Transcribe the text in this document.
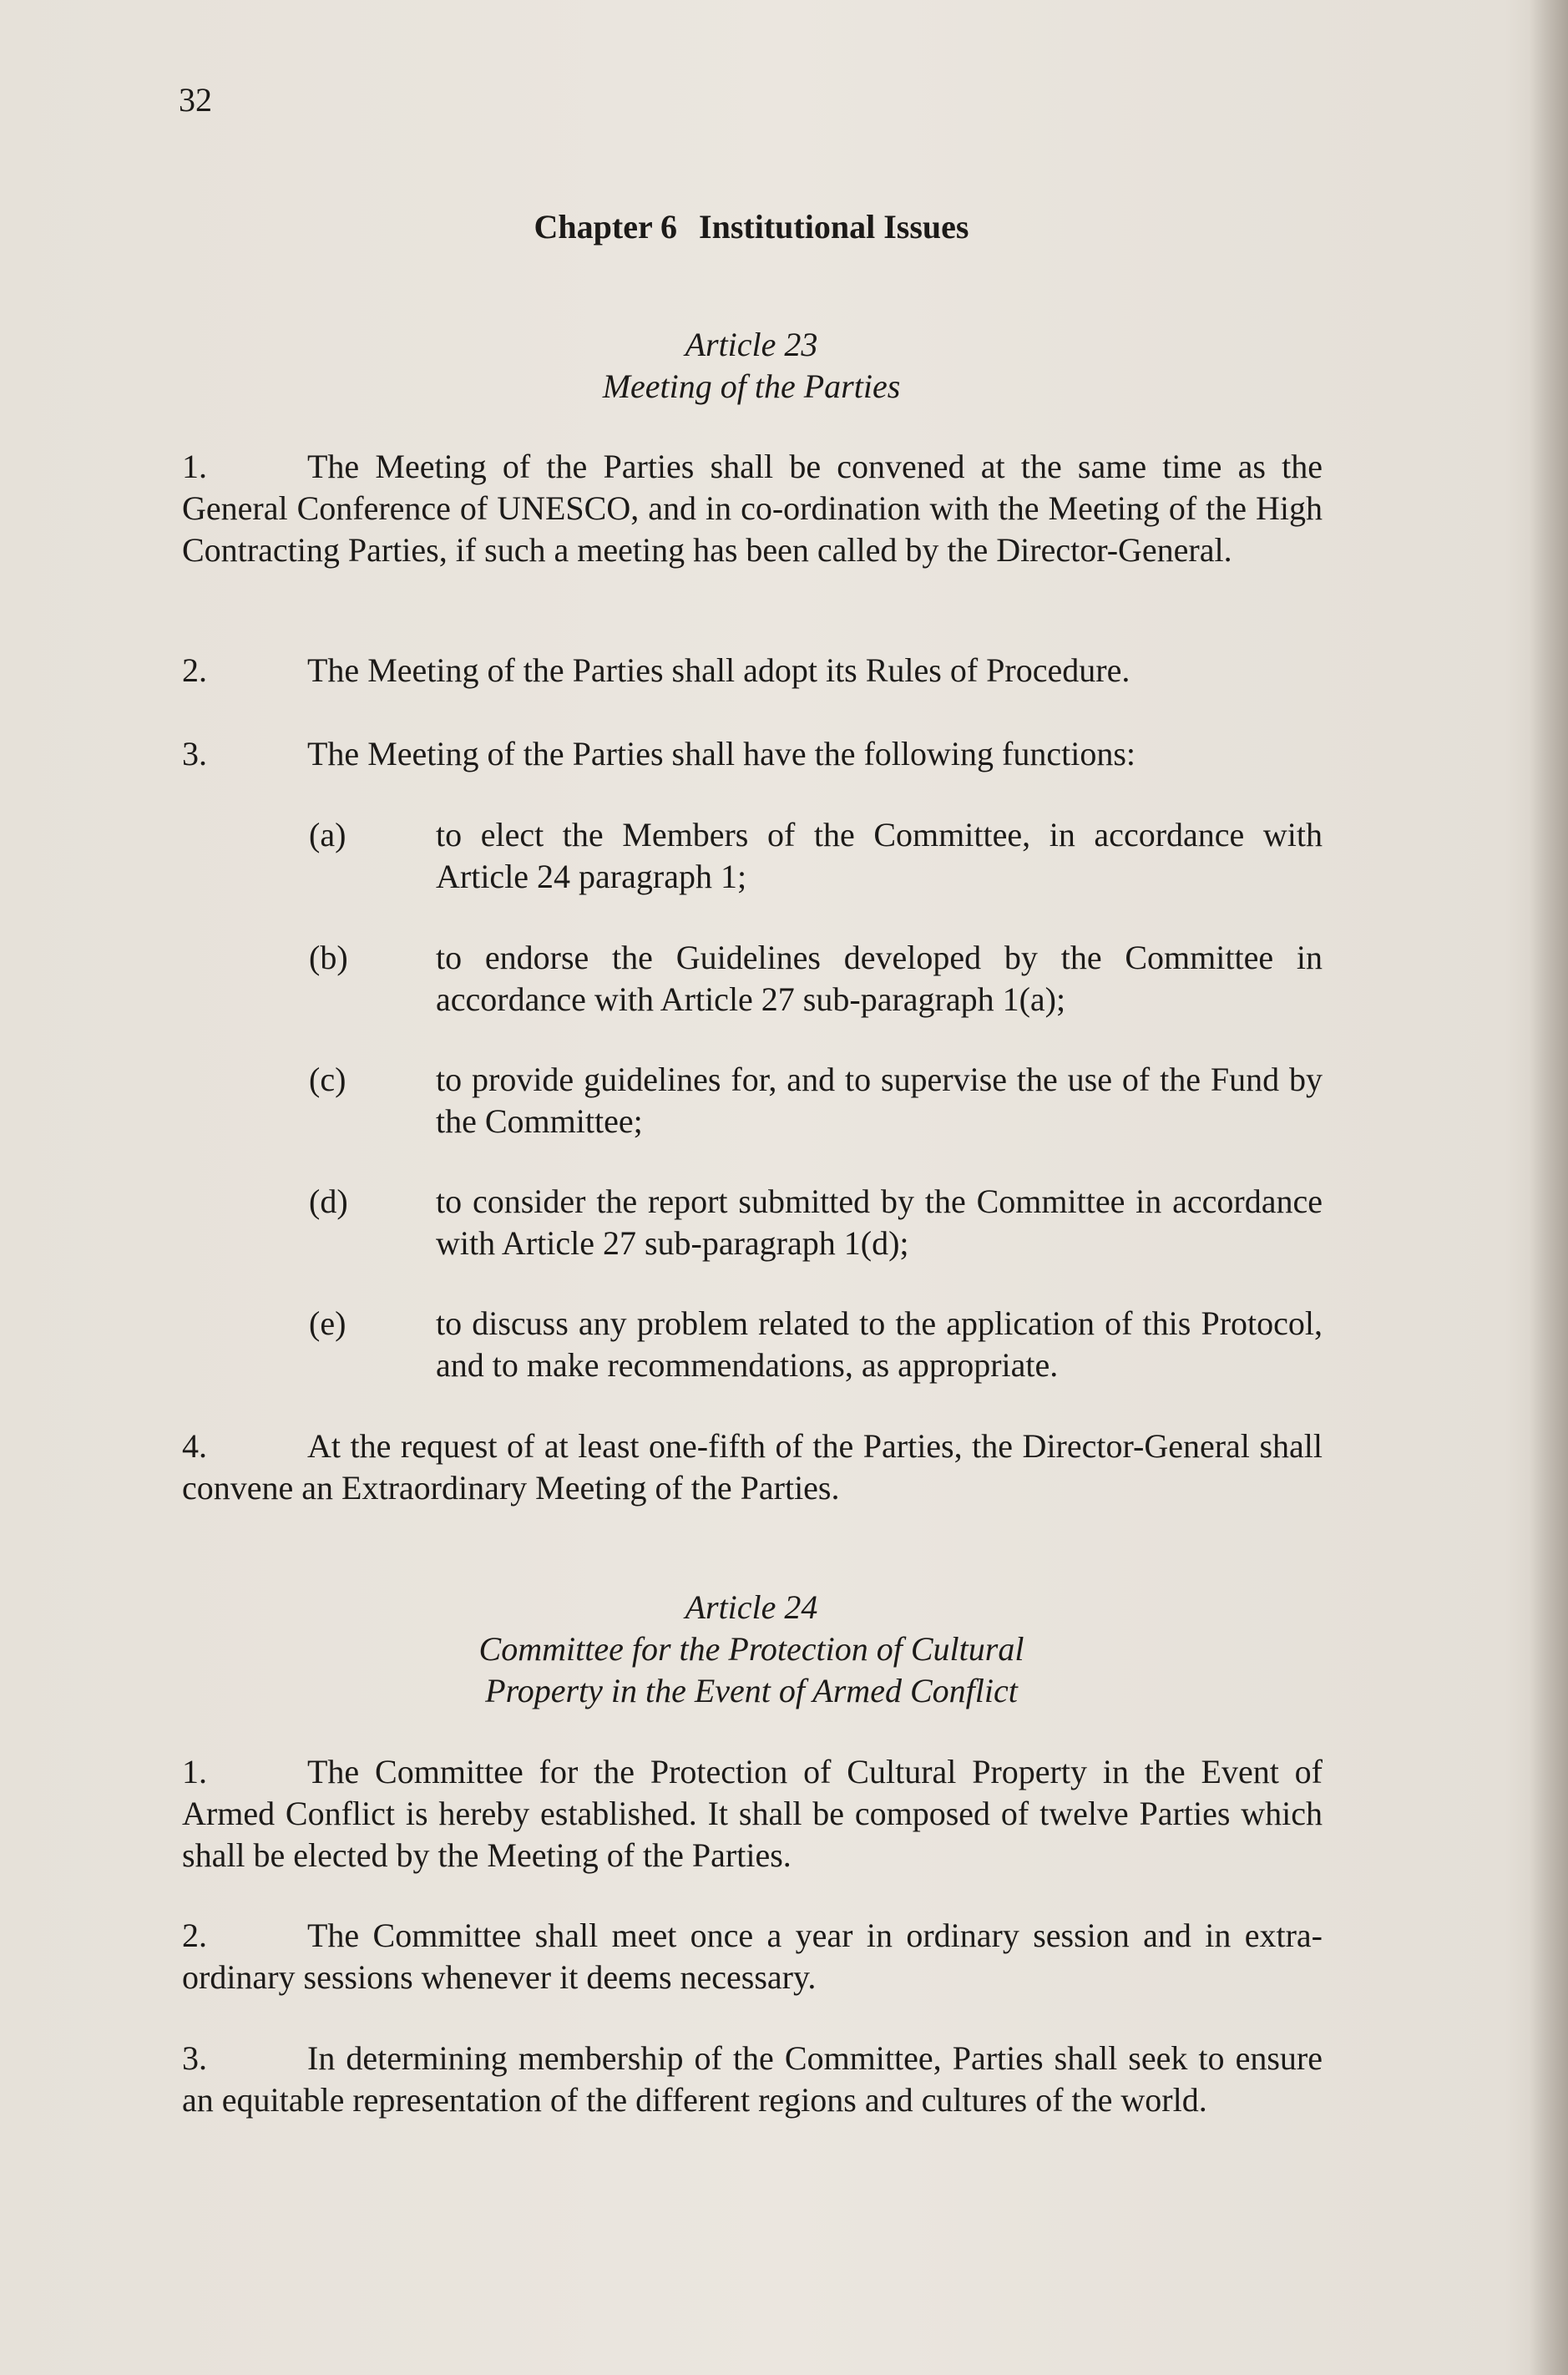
32
Chapter 6 Institutional Issues
Article 23
Meeting of the Parties
1.	The Meeting of the Parties shall be convened at the same time as the General Conference of UNESCO, and in co-ordination with the Meeting of the High Contracting Parties, if such a meeting has been called by the Director-General.
2.	The Meeting of the Parties shall adopt its Rules of Procedure.
3.	The Meeting of the Parties shall have the following functions:
(a)	to elect the Members of the Committee, in accordance with Article 24 paragraph 1;
(b)	to endorse the Guidelines developed by the Committee in accordance with Article 27 sub-paragraph 1(a);
(c)	to provide guidelines for, and to supervise the use of the Fund by the Committee;
(d)	to consider the report submitted by the Committee in accordance with Article 27 sub-paragraph 1(d);
(e)	to discuss any problem related to the application of this Protocol, and to make recommendations, as appropriate.
4.	At the request of at least one-fifth of the Parties, the Director-General shall convene an Extraordinary Meeting of the Parties.
Article 24
Committee for the Protection of Cultural
Property in the Event of Armed Conflict
1.	The Committee for the Protection of Cultural Property in the Event of Armed Conflict is hereby established. It shall be composed of twelve Parties which shall be elected by the Meeting of the Parties.
2.	The Committee shall meet once a year in ordinary session and in extra-ordinary sessions whenever it deems necessary.
3.	In determining membership of the Committee, Parties shall seek to ensure an equitable representation of the different regions and cultures of the world.
